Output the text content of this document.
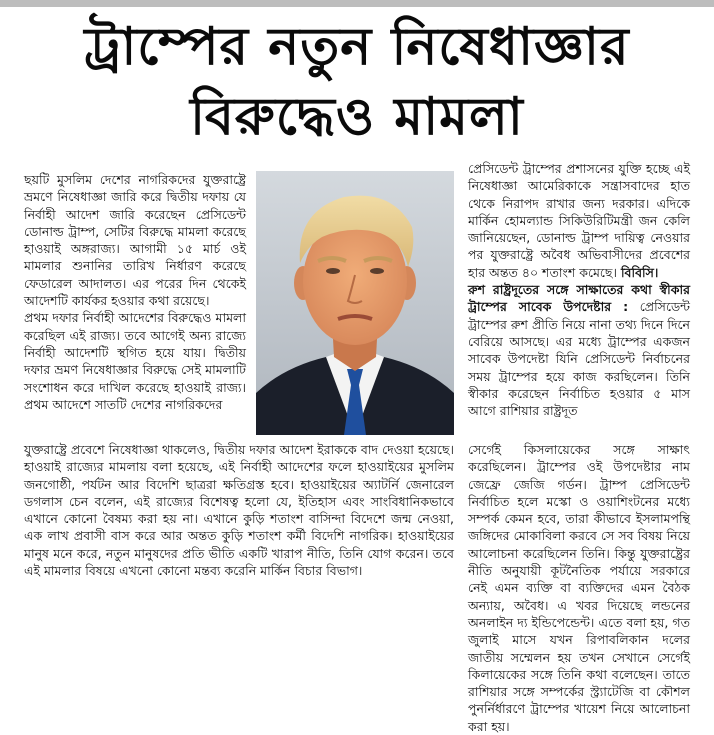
ট্রাম্পের নতুন নিষেধাজ্ঞার
বিরুদ্ধেও মামলা

ছয়টি মুসলিম দেশের নাগরিকদের যুক্তরাষ্ট্রে ভ্রমণে নিষেধাজ্ঞা জারি করে দ্বিতীয় দফায় যে নির্বাহী আদেশ জারি করেছেন প্রেসিডেন্ট ডোনাল্ড ট্রাম্প, সেটির বিরুদ্ধে মামলা করেছে হাওয়াই অঙ্গরাজ্য। আগামী ১৫ মার্চ ওই মামলার শুনানির তারিখ নির্ধারণ করেছে ফেডারেল আদালত। এর পরের দিন থেকেই আদেশটি কার্যকর হওয়ার কথা রয়েছে।

প্রথম দফার নির্বাহী আদেশের বিরুদ্ধেও মামলা করেছিল এই রাজ্য। তবে আগেই অন্য রাজ্যে নির্বাহী আদেশটি স্থগিত হয়ে যায়। দ্বিতীয় দফার ভ্রমণ নিষেধাজ্ঞার বিরুদ্ধে সেই মামলাটি সংশোধন করে দাখিল করেছে হাওয়াই রাজ্য। প্রথম আদেশে সাতটি দেশের নাগরিকদের

প্রেসিডেন্ট ট্রাম্পের প্রশাসনের যুক্তি হচ্ছে এই নিষেধাজ্ঞা আমেরিকাকে সন্ত্রাসবাদের হাত থেকে নিরাপদ রাখার জন্য দরকার। এদিকে মার্কিন হোমল্যান্ড সিকিউরিটিমন্ত্রী জন কেলি জানিয়েছেন, ডোনাল্ড ট্রাম্প দায়িত্ব নেওয়ার পর যুক্তরাষ্ট্রে অবৈধ অভিবাসীদের প্রবেশের হার অন্তত ৪০ শতাংশ কমেছে। বিবিসি।

রুশ রাষ্ট্রদূতের সঙ্গে সাক্ষাতের কথা স্বীকার ট্রাম্পের সাবেক উপদেষ্টার : প্রেসিডেন্ট ট্রাম্পের রুশ প্রীতি নিয়ে নানা তথ্য দিনে দিনে বেরিয়ে আসছে। এর মধ্যে ট্রাম্পের একজন সাবেক উপদেষ্টা যিনি প্রেসিডেন্ট নির্বাচনের সময় ট্রাম্পের হয়ে কাজ করছিলেন। তিনি স্বীকার করেছেন নির্বাচিত হওয়ার ৫ মাস আগে রাশিয়ার রাষ্ট্রদূত

যুক্তরাষ্ট্রে প্রবেশে নিষেধাজ্ঞা থাকলেও, দ্বিতীয় দফার আদেশ ইরাককে বাদ দেওয়া হয়েছে। হাওয়াই রাজ্যের মামলায় বলা হয়েছে, এই নির্বাহী আদেশের ফলে হাওয়াইয়ের মুসলিম জনগোষ্ঠী, পর্যটন আর বিদেশি ছাত্ররা ক্ষতিগ্রস্ত হবে। হাওয়াইয়ের অ্যাটর্নি জেনারেল ডগলাস চেন বলেন, এই রাজ্যের বিশেষত্ব হলো যে, ইতিহাস এবং সাংবিধানিকভাবে এখানে কোনো বৈষম্য করা হয় না। এখানে কুড়ি শতাংশ বাসিন্দা বিদেশে জন্ম নেওয়া, এক লাখ প্রবাসী বাস করে আর অন্তত কুড়ি শতাংশ কর্মী বিদেশি নাগরিক। হাওয়াইয়ের মানুষ মনে করে, নতুন মানুষদের প্রতি ভীতি একটি খারাপ নীতি, তিনি যোগ করেন। তবে এই মামলার বিষয়ে এখনো কোনো মন্তব্য করেনি মার্কিন বিচার বিভাগ।

সের্গেই কিসলায়েকের সঙ্গে সাক্ষাৎ করেছিলেন। ট্রাম্পের ওই উপদেষ্টার নাম জেফ্রে জেজি গর্ডন। ট্রাম্প প্রেসিডেন্ট নির্বাচিত হলে মস্কো ও ওয়াশিংটনের মধ্যে সম্পর্ক কেমন হবে, তারা কীভাবে ইসলামপন্থি জঙ্গিদের মোকাবিলা করবে সে সব বিষয় নিয়ে আলোচনা করেছিলেন তিনি। কিন্তু যুক্তরাষ্ট্রের নীতি অনুযায়ী কূটনৈতিক পর্যায়ে সরকারে নেই এমন ব্যক্তি বা ব্যক্তিদের এমন বৈঠক অন্যায়, অবৈধ। এ খবর দিয়েছে লন্ডনের অনলাইন দ্য ইন্ডিপেন্ডেন্ট। এতে বলা হয়, গত জুলাই মাসে যখন রিপাবলিকান দলের জাতীয় সম্মেলন হয় তখন সেখানে সের্গেই কিলায়েকের সঙ্গে তিনি কথা বলেছেন। তাতে রাশিয়ার সঙ্গে সম্পর্কের স্ট্র্যাটেজি বা কৌশল পুনর্নির্ধারণে ট্রাম্পের খায়েশ নিয়ে আলোচনা করা হয়।
